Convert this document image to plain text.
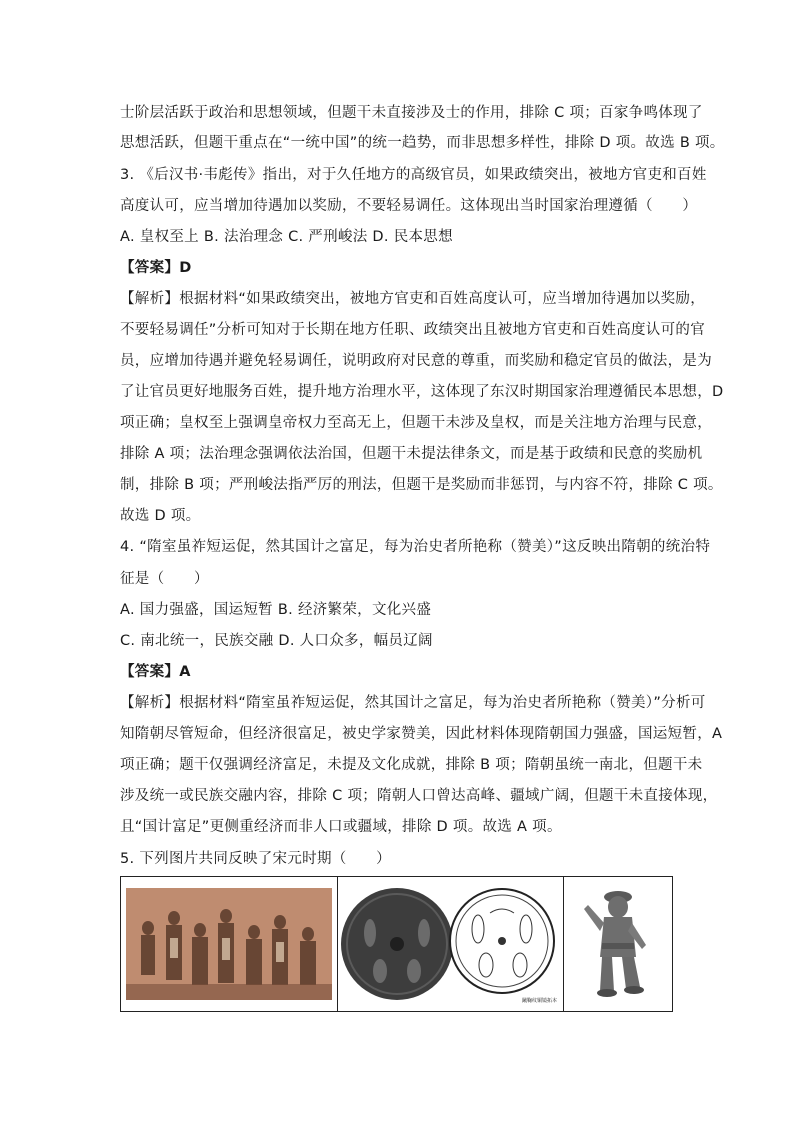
士阶层活跃于政治和思想领域，但题干未直接涉及士的作用，排除 C 项；百家争鸣体现了
思想活跃，但题干重点在“一统中国”的统一趋势，而非思想多样性，排除 D 项。故选 B 项。
3. 《后汉书·韦彪传》指出，对于久任地方的高级官员，如果政绩突出，被地方官吏和百姓
高度认可，应当增加待遇加以奖励，不要轻易调任。这体现出当时国家治理遵循（　　）
A. 皇权至上 B. 法治理念 C. 严刑峻法 D. 民本思想
【答案】D
【解析】根据材料“如果政绩突出，被地方官吏和百姓高度认可，应当增加待遇加以奖励，
不要轻易调任”分析可知对于长期在地方任职、政绩突出且被地方官吏和百姓高度认可的官
员，应增加待遇并避免轻易调任，说明政府对民意的尊重，而奖励和稳定官员的做法，是为
了让官员更好地服务百姓，提升地方治理水平，这体现了东汉时期国家治理遵循民本思想，D
项正确；皇权至上强调皇帝权力至高无上，但题干未涉及皇权，而是关注地方治理与民意，
排除 A 项；法治理念强调依法治国，但题干未提法律条文，而是基于政绩和民意的奖励机
制，排除 B 项；严刑峻法指严厉的刑法，但题干是奖励而非惩罚，与内容不符，排除 C 项。
故选 D 项。
4. “隋室虽祚短运促，然其国计之富足，每为治史者所艳称（赞美）”这反映出隋朝的统治特
征是（　　）
A. 国力强盛，国运短暂 B. 经济繁荣，文化兴盛
C. 南北统一，民族交融 D. 人口众多，幅员辽阔
【答案】A
【解析】根据材料“隋室虽祚短运促，然其国计之富足，每为治史者所艳称（赞美）”分析可
知隋朝尽管短命，但经济很富足，被史学家赞美，因此材料体现隋朝国力强盛，国运短暂，A
项正确；题干仅强调经济富足，未提及文化成就，排除 B 项；隋朝虽统一南北，但题干未
涉及统一或民族交融内容，排除 C 项；隋朝人口曾达高峰、疆域广阔，但题干未直接体现，
且“国计富足”更侧重经济而非人口或疆域，排除 D 项。故选 A 项。
5. 下列图片共同反映了宋元时期（　　）
蹴鞠纹铜镜拓本
